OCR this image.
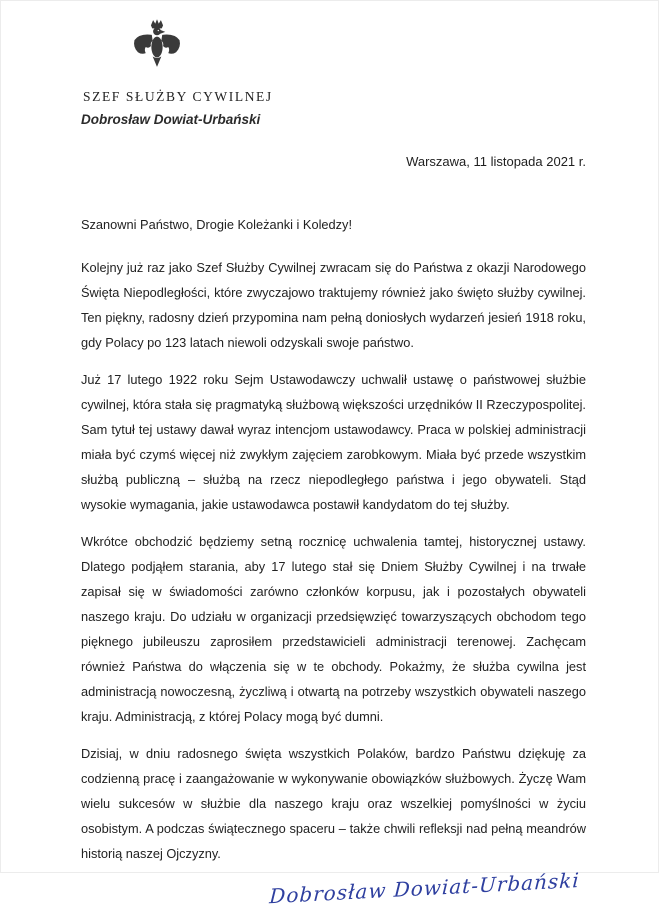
SZEF SŁUŻBY CYWILNEJ
Dobrosław Dowiat-Urbański
Warszawa, 11 listopada 2021 r.
Szanowni Państwo, Drogie Koleżanki i Koledzy!

Kolejny już raz jako Szef Służby Cywilnej zwracam się do Państwa z okazji Narodowego Święta Niepodległości, które zwyczajowo traktujemy również jako święto służby cywilnej. Ten piękny, radosny dzień przypomina nam pełną doniosłych wydarzeń jesień 1918 roku, gdy Polacy po 123 latach niewoli odzyskali swoje państwo.

Już 17 lutego 1922 roku Sejm Ustawodawczy uchwalił ustawę o państwowej służbie cywilnej, która stała się pragmatyką służbową większości urzędników II Rzeczypospolitej. Sam tytuł tej ustawy dawał wyraz intencjom ustawodawcy. Praca w polskiej administracji miała być czymś więcej niż zwykłym zajęciem zarobkowym. Miała być przede wszystkim służbą publiczną – służbą na rzecz niepodległego państwa i jego obywateli. Stąd wysokie wymagania, jakie ustawodawca postawił kandydatom do tej służby.

Wkrótce obchodzić będziemy setną rocznicę uchwalenia tamtej, historycznej ustawy. Dlatego podjąłem starania, aby 17 lutego stał się Dniem Służby Cywilnej i na trwałe zapisał się w świadomości zarówno członków korpusu, jak i pozostałych obywateli naszego kraju. Do udziału w organizacji przedsięwzięć towarzyszących obchodom tego pięknego jubileuszu zaprosiłem przedstawicieli administracji terenowej. Zachęcam również Państwa do włączenia się w te obchody. Pokażmy, że służba cywilna jest administracją nowoczesną, życzliwą i otwartą na potrzeby wszystkich obywateli naszego kraju. Administracją, z której Polacy mogą być dumni.

Dzisiaj, w dniu radosnego święta wszystkich Polaków, bardzo Państwu dziękuję za codzienną pracę i zaangażowanie w wykonywanie obowiązków służbowych. Życzę Wam wielu sukcesów w służbie dla naszego kraju oraz wszelkiej pomyślności w życiu osobistym. A podczas świątecznego spaceru – także chwili refleksji nad pełną meandrów historią naszej Ojczyzny.

Dobrosław Dowiat-Urbański
